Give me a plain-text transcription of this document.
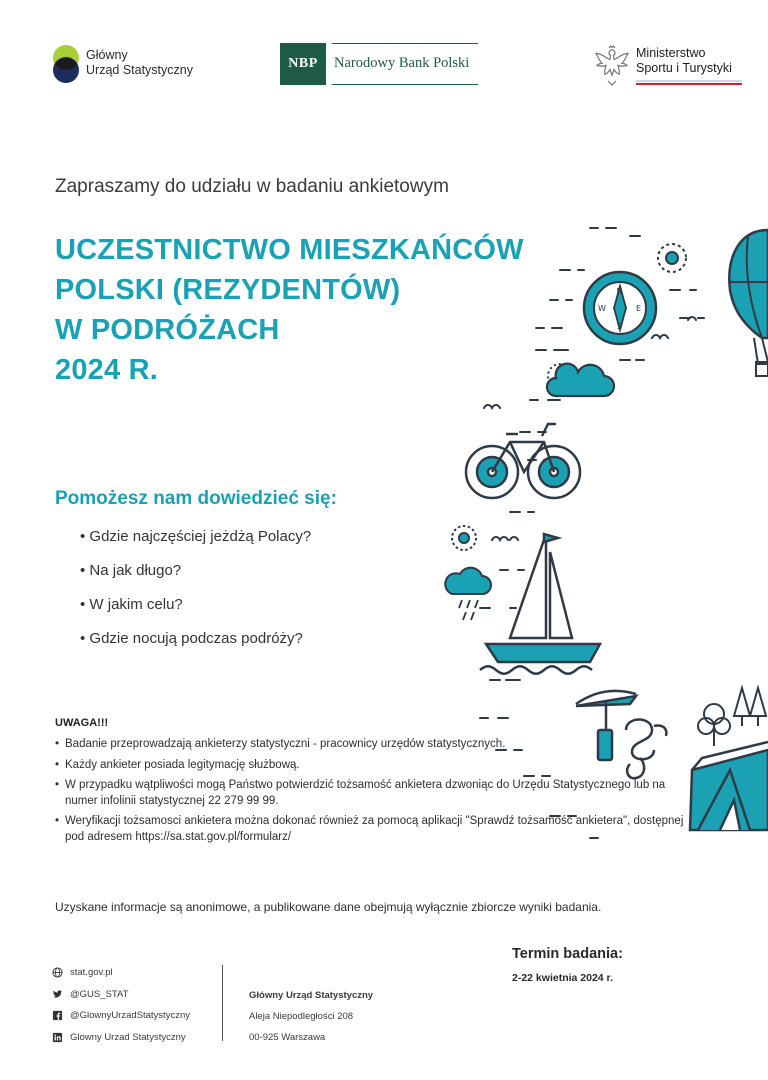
Główny
Urząd Statystyczny	NBP	Narodowy Bank Polski
Ministerstwo
Sportu i Turystyki
Zapraszamy do udziału w badaniu ankietowym
UCZESTNICTWO MIESZKAŃCÓW
POLSKI (REZYDENTÓW)
W PODRÓŻACH
2024 R.
Pomożesz nam dowiedzieć się:
• Gdzie najczęściej jeżdżą Polacy?
• Na jak długo?
• W jakim celu?
• Gdzie nocują podczas podróży?
UWAGA!!!
• Badanie przeprowadzają ankieterzy statystyczni - pracownicy urzędów statystycznych.
• Każdy ankieter posiada legitymację służbową.
• W przypadku wątpliwości mogą Państwo potwierdzić tożsamość ankietera dzwoniąc do Urzędu Statystycznego lub na numer infolinii statystycznej 22 279 99 99.
• Weryfikacji tożsamosci ankietera można dokonać również za pomocą aplikacji "Sprawdź tożsamość ankietera", dostępnej pod adresem https://sa.stat.gov.pl/formularz/
Uzyskane informacje są anonimowe, a publikowane dane obejmują wyłącznie zbiorcze wyniki badania.
Termin badania:
2-22 kwietnia 2024 r.
stat.gov.pl
@GUS_STAT
@GlownyUrzadStatystyczny
Glowny Urzad Statystyczny
Główny Urząd Statystyczny
Aleja Niepodległości 208
00-925 Warszawa
N
S
W	E
